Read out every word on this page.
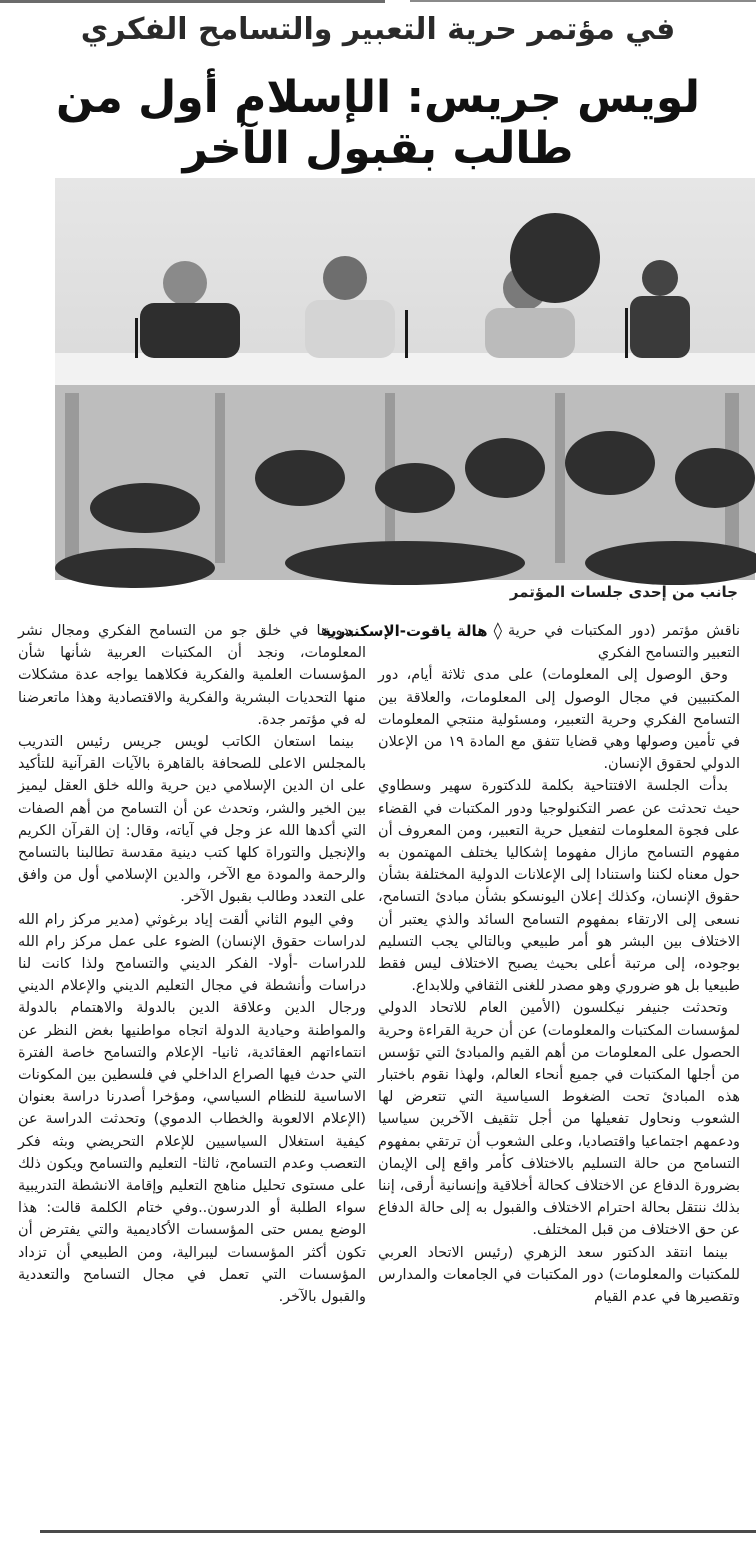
في مؤتمر حرية التعبير والتسامح الفكري
لويس جريس: الإسلام أول من طالب بقبول الآخر
جانب من إحدى جلسات المؤتمر

ناقش مؤتمر (دور المكتبات في حرية التعبير والتسامح الفكري

◊
هالة ياقوت-الإسكندرية

وحق الوصول إلى المعلومات) على مدى ثلاثة أيام، دور المكتبيين في مجال الوصول إلى المعلومات، والعلاقة بين التسامح الفكري وحرية التعبير، ومسئولية منتجي المعلومات في تأمين وصولها وهي قضايا تتفق مع المادة ١٩ من الإعلان الدولي لحقوق الإنسان.

بدأت الجلسة الافتتاحية بكلمة للدكتورة سهير وسطاوي حيث تحدثت عن عصر التكنولوجيا ودور المكتبات في القضاء على فجوة المعلومات لتفعيل حرية التعبير، ومن المعروف أن مفهوم التسامح مازال مفهوما إشكاليا يختلف المهتمون به حول معناه لكننا واستنادا إلى الإعلانات الدولية المختلفة بشأن حقوق الإنسان، وكذلك إعلان اليونسكو بشأن مبادئ التسامح، نسعى إلى الارتقاء بمفهوم التسامح السائد والذي يعتبر أن الاختلاف بين البشر هو أمر طبيعي وبالتالي يجب التسليم بوجوده، إلى مرتبة أعلى بحيث يصبح الاختلاف ليس فقط طبيعيا بل هو ضروري وهو مصدر للغنى الثقافي وللابداع.

وتحدثت جنيفر نيكلسون (الأمين العام للاتحاد الدولي لمؤسسات المكتبات والمعلومات) عن أن حرية القراءة وحرية الحصول على المعلومات من أهم القيم والمبادئ التي تؤسس من أجلها المكتبات في جميع أنحاء العالم، ولهذا نقوم باختبار هذه المبادئ تحت الضغوط السياسية التي تتعرض لها الشعوب ونحاول تفعيلها من أجل تثقيف الآخرين سياسيا ودعمهم اجتماعيا واقتصاديا، وعلى الشعوب أن ترتقي بمفهوم التسامح من حالة التسليم بالاختلاف كأمر واقع إلى الإيمان بضرورة الدفاع عن الاختلاف كحالة أخلاقية وإنسانية أرقى، إننا بذلك ننتقل بحالة احترام الاختلاف والقبول به إلى حالة الدفاع عن حق الاختلاف من قبل المختلف.

بينما انتقد الدكتور سعد الزهري (رئيس الاتحاد العربي للمكتبات والمعلومات) دور المكتبات في الجامعات والمدارس وتقصيرها في عدم القيام

بدورها في خلق جو من التسامح الفكري ومجال نشر المعلومات، ونجد أن المكتبات العربية شأنها شأن المؤسسات العلمية والفكرية فكلاهما يواجه عدة مشكلات منها التحديات البشرية والفكرية والاقتصادية وهذا ماتعرضنا له في مؤتمر جدة.

بينما استعان الكاتب لويس جريس رئيس التدريب بالمجلس الاعلى للصحافة بالقاهرة بالآيات القرآنية للتأكيد على ان الدين الإسلامي دين حرية والله خلق العقل ليميز بين الخير والشر، وتحدث عن أن التسامح من أهم الصفات التي أكدها الله عز وجل في آياته، وقال: إن القرآن الكريم والإنجيل والتوراة كلها كتب دينية مقدسة تطالبنا بالتسامح والرحمة والمودة مع الآخر، والدين الإسلامي أول من وافق على التعدد وطالب بقبول الآخر.

وفي اليوم الثاني ألقت إياد برغوثي (مدير مركز رام الله لدراسات حقوق الإنسان) الضوء على عمل مركز رام الله للدراسات -أولا- الفكر الديني والتسامح ولذا كانت لنا دراسات وأنشطة في مجال التعليم الديني والإعلام الديني ورجال الدين وعلاقة الدين بالدولة والاهتمام بالدولة والمواطنة وحيادية الدولة اتجاه مواطنيها بغض النظر عن انتماءاتهم العقائدية، ثانيا- الإعلام والتسامح خاصة الفترة التي حدث فيها الصراع الداخلي في فلسطين بين المكونات الاساسية للنظام السياسي، ومؤخرا أصدرنا دراسة بعنوان (الإعلام الالعوبة والخطاب الدموي) وتحدثت الدراسة عن كيفية استغلال السياسيين للإعلام التحريضي وبثه فكر التعصب وعدم التسامح، ثالثا- التعليم والتسامح ويكون ذلك على مستوى تحليل مناهج التعليم وإقامة الانشطة التدريبية سواء الطلبة أو الدرسون..وفي ختام الكلمة قالت: هذا الوضع يمس حتى المؤسسات الأكاديمية والتي يفترض أن تكون أكثر المؤسسات ليبرالية، ومن الطبيعي أن تزداد المؤسسات التي تعمل في مجال التسامح والتعددية والقبول بالآخر.
